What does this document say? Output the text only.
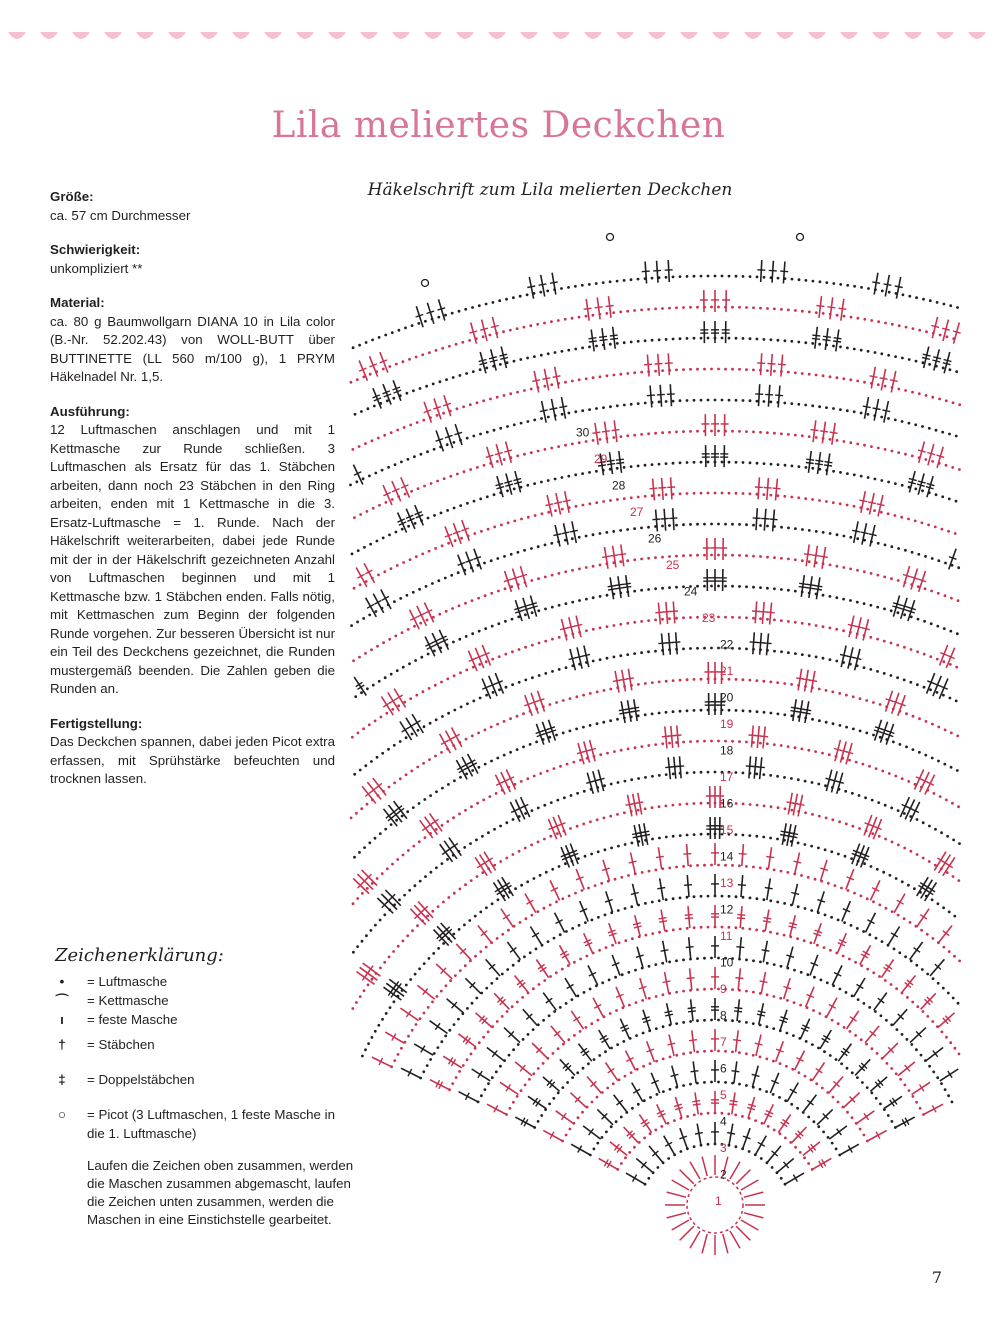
Lila meliertes Deckchen
Größe:
ca. 57 cm Durchmesser
Schwierigkeit:
unkompliziert **
Material:
ca. 80 g Baumwollgarn DIANA 10 in Lila color (B.-Nr. 52.202.43) von WOLL-BUTT über BUTTINETTE (LL 560 m/100 g), 1 PRYM Häkelnadel Nr. 1,5.
Ausführung:
12 Luftmaschen anschlagen und mit 1 Kettmasche zur Runde schließen. 3 Luftmaschen als Ersatz für das 1. Stäbchen arbeiten, dann noch 23 Stäbchen in den Ring arbeiten, enden mit 1 Kettmasche in die 3. Ersatz-Luftmasche = 1. Runde. Nach der Häkelschrift weiterarbeiten, dabei jede Runde mit der in der Häkelschrift gezeichneten Anzahl von Luftmaschen beginnen und mit 1 Kettmasche bzw. 1 Stäbchen enden. Falls nötig, mit Kettmaschen zum Beginn der folgenden Runde vorgehen. Zur besseren Übersicht ist nur ein Teil des Deckchens gezeichnet, die Runden mustergemäß beenden. Die Zahlen geben die Runden an.
Fertigstellung:
Das Deckchen spannen, dabei jeden Picot extra erfassen, mit Sprühstärke befeuchten und trocknen lassen.
Häkelschrift zum Lila melierten Deckchen
1
2
3
4
5
6
7
8
9
10
11
12
13
14
15
16
17
18
19
20
21
22
23
24
25
26
27
28
29
30
Zeichenerklärung:
•	= Luftmasche
⌒ = Kettmasche
ı	= feste Masche
† = Stäbchen
‡ = Doppelstäbchen
○ = Picot (3 Luftmaschen, 1 feste Masche in die 1. Luftmasche)
Laufen die Zeichen oben zusammen, werden die Maschen zusammen abgemascht, laufen die Zeichen unten zusammen, werden die Maschen in eine Einstichstelle gearbeitet.
7
